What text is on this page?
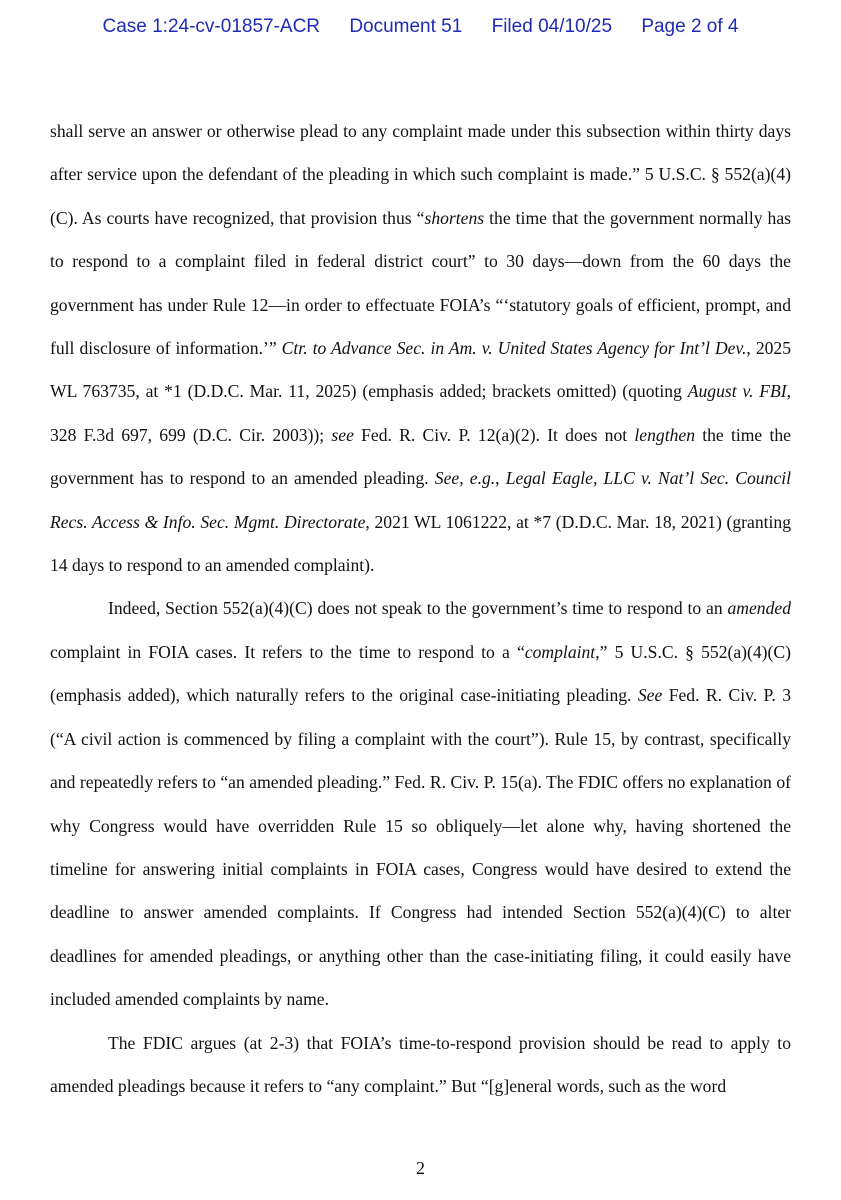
Case 1:24-cv-01857-ACR Document 51 Filed 04/10/25 Page 2 of 4

shall serve an answer or otherwise plead to any complaint made under this subsection within thirty days after service upon the defendant of the pleading in which such complaint is made.” 5 U.S.C. § 552(a)(4)(C). As courts have recognized, that provision thus “shortens the time that the government normally has to respond to a complaint filed in federal district court” to 30 days—down from the 60 days the government has under Rule 12—in order to effectuate FOIA’s “‘statutory goals of efficient, prompt, and full disclosure of information.’” Ctr. to Advance Sec. in Am. v. United States Agency for Int’l Dev., 2025 WL 763735, at *1 (D.D.C. Mar. 11, 2025) (emphasis added; brackets omitted) (quoting August v. FBI, 328 F.3d 697, 699 (D.C. Cir. 2003)); see Fed. R. Civ. P. 12(a)(2). It does not lengthen the time the government has to respond to an amended pleading. See, e.g., Legal Eagle, LLC v. Nat’l Sec. Council Recs. Access & Info. Sec. Mgmt. Directorate, 2021 WL 1061222, at *7 (D.D.C. Mar. 18, 2021) (granting 14 days to respond to an amended complaint).

Indeed, Section 552(a)(4)(C) does not speak to the government’s time to respond to an amended complaint in FOIA cases. It refers to the time to respond to a “complaint,” 5 U.S.C. § 552(a)(4)(C) (emphasis added), which naturally refers to the original case-initiating pleading. See Fed. R. Civ. P. 3 (“A civil action is commenced by filing a complaint with the court”). Rule 15, by contrast, specifically and repeatedly refers to “an amended pleading.” Fed. R. Civ. P. 15(a). The FDIC offers no explanation of why Congress would have overridden Rule 15 so obliquely—let alone why, having shortened the timeline for answering initial complaints in FOIA cases, Congress would have desired to extend the deadline to answer amended complaints. If Congress had intended Section 552(a)(4)(C) to alter deadlines for amended pleadings, or anything other than the case-initiating filing, it could easily have included amended complaints by name.

The FDIC argues (at 2-3) that FOIA’s time-to-respond provision should be read to apply to amended pleadings because it refers to “any complaint.” But “[g]eneral words, such as the word

2
